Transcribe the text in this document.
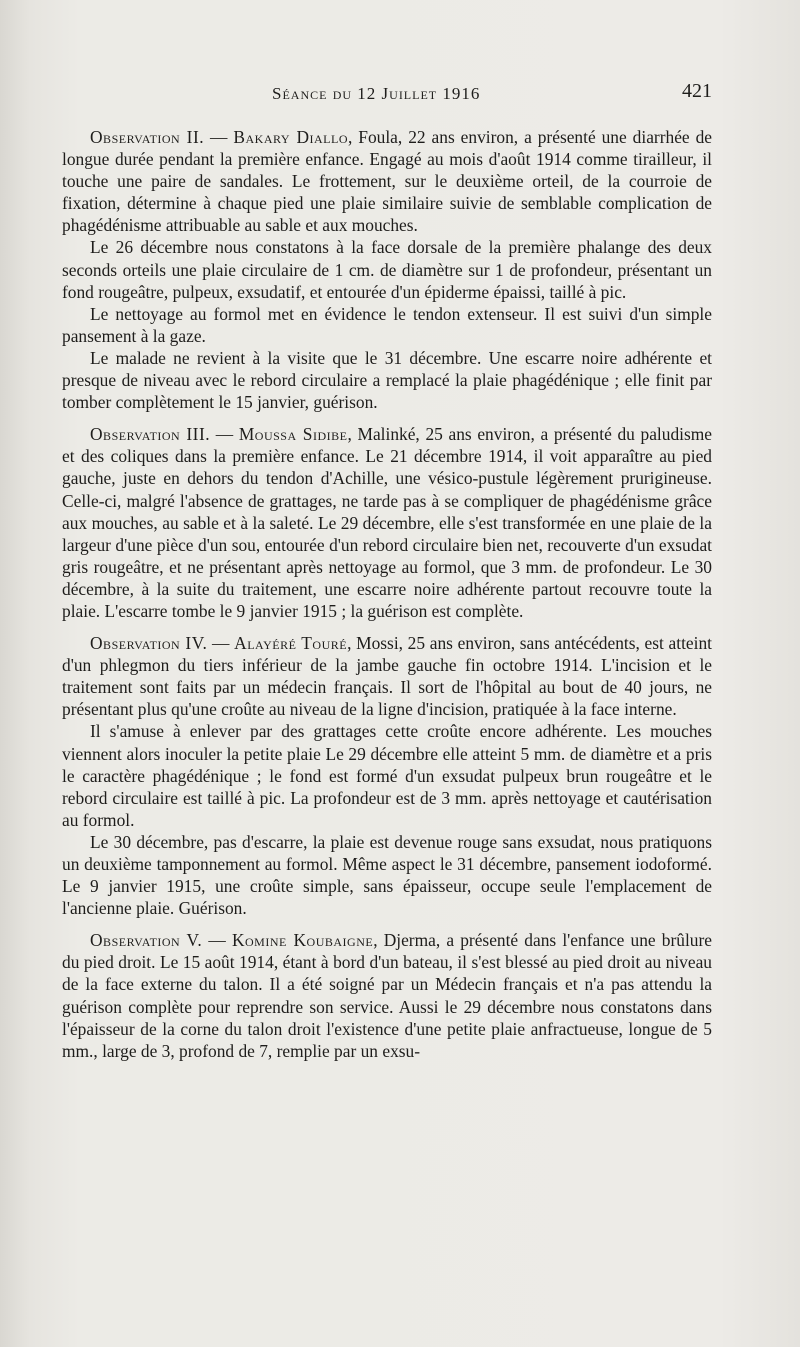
Séance du 12 Juillet 1916	421

Observation II. — Bakary Diallo, Foula, 22 ans environ, a présenté une diarrhée de longue durée pendant la première enfance. Engagé au mois d'août 1914 comme tirailleur, il touche une paire de sandales. Le frottement, sur le deuxième orteil, de la courroie de fixation, détermine à chaque pied une plaie similaire suivie de semblable complication de phagédénisme attribuable au sable et aux mouches.

Le 26 décembre nous constatons à la face dorsale de la première phalange des deux seconds orteils une plaie circulaire de 1 cm. de diamètre sur 1 de profondeur, présentant un fond rougeâtre, pulpeux, exsudatif, et entourée d'un épiderme épaissi, taillé à pic.

Le nettoyage au formol met en évidence le tendon extenseur. Il est suivi d'un simple pansement à la gaze.

Le malade ne revient à la visite que le 31 décembre. Une escarre noire adhérente et presque de niveau avec le rebord circulaire a remplacé la plaie phagédénique ; elle finit par tomber complètement le 15 janvier, guérison.

Observation III. — Moussa Sidibe, Malinké, 25 ans environ, a présenté du paludisme et des coliques dans la première enfance. Le 21 décembre 1914, il voit apparaître au pied gauche, juste en dehors du tendon d'Achille, une vésico-pustule légèrement prurigineuse. Celle-ci, malgré l'absence de grattages, ne tarde pas à se compliquer de phagédénisme grâce aux mouches, au sable et à la saleté. Le 29 décembre, elle s'est transformée en une plaie de la largeur d'une pièce d'un sou, entourée d'un rebord circulaire bien net, recouverte d'un exsudat gris rougeâtre, et ne présentant après nettoyage au formol, que 3 mm. de profondeur. Le 30 décembre, à la suite du traitement, une escarre noire adhérente partout recouvre toute la plaie. L'escarre tombe le 9 janvier 1915 ; la guérison est complète.

Observation IV. — Alayéré Touré, Mossi, 25 ans environ, sans antécédents, est atteint d'un phlegmon du tiers inférieur de la jambe gauche fin octobre 1914. L'incision et le traitement sont faits par un médecin français. Il sort de l'hôpital au bout de 40 jours, ne présentant plus qu'une croûte au niveau de la ligne d'incision, pratiquée à la face interne.

Il s'amuse à enlever par des grattages cette croûte encore adhérente. Les mouches viennent alors inoculer la petite plaie Le 29 décembre elle atteint 5 mm. de diamètre et a pris le caractère phagédénique ; le fond est formé d'un exsudat pulpeux brun rougeâtre et le rebord circulaire est taillé à pic. La profondeur est de 3 mm. après nettoyage et cautérisation au formol.

Le 30 décembre, pas d'escarre, la plaie est devenue rouge sans exsudat, nous pratiquons un deuxième tamponnement au formol. Même aspect le 31 décembre, pansement iodoformé. Le 9 janvier 1915, une croûte simple, sans épaisseur, occupe seule l'emplacement de l'ancienne plaie. Guérison.

Observation V. — Komine Koubaigne, Djerma, a présenté dans l'enfance une brûlure du pied droit. Le 15 août 1914, étant à bord d'un bateau, il s'est blessé au pied droit au niveau de la face externe du talon. Il a été soigné par un Médecin français et n'a pas attendu la guérison complète pour reprendre son service. Aussi le 29 décembre nous constatons dans l'épaisseur de la corne du talon droit l'existence d'une petite plaie anfractueuse, longue de 5 mm., large de 3, profond de 7, remplie par un exsu-
